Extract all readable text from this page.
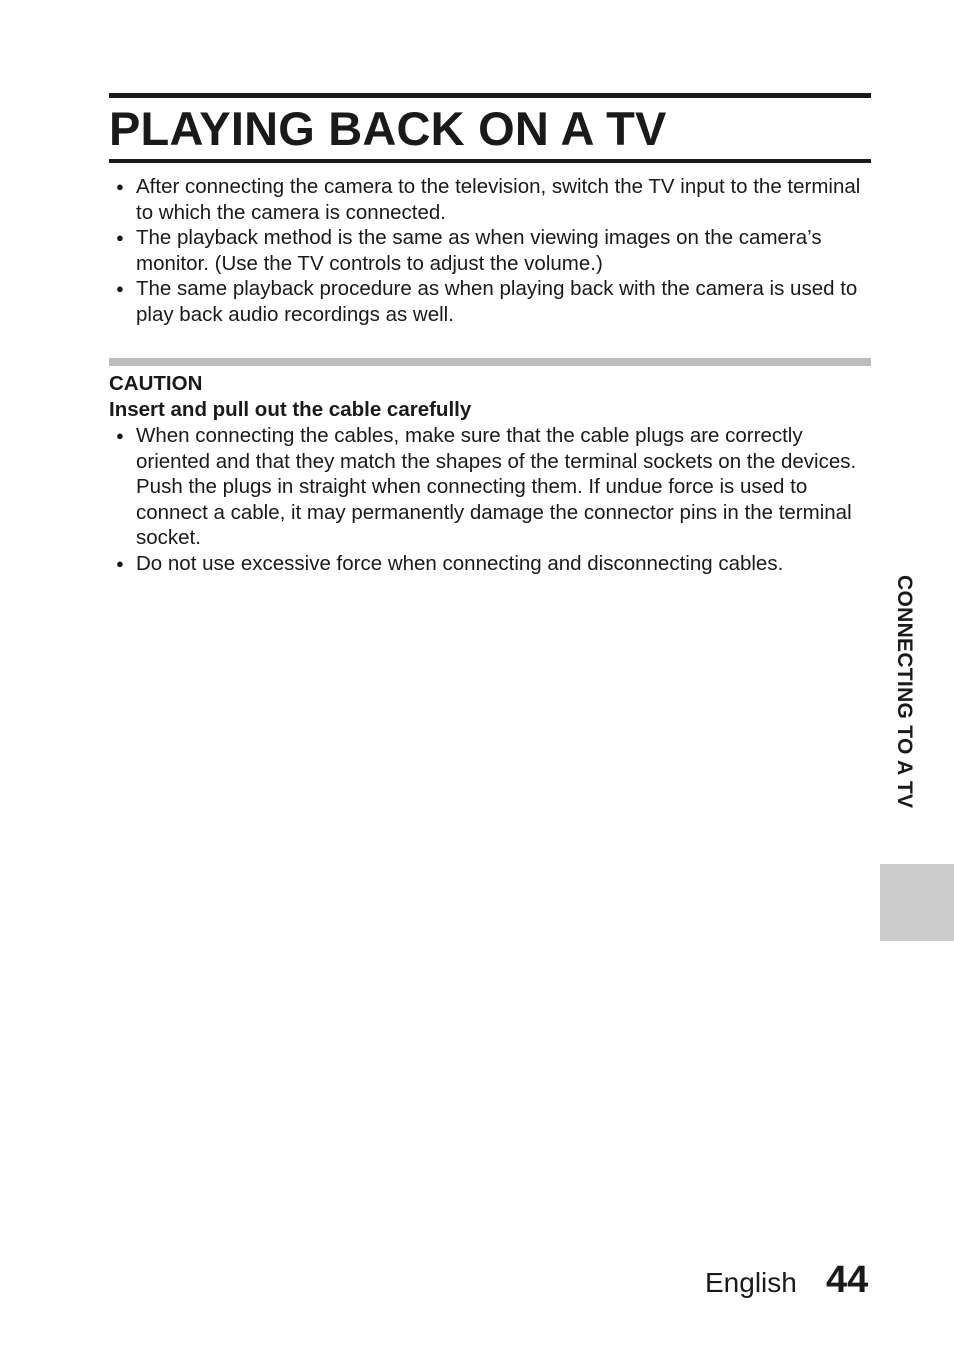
PLAYING BACK ON A TV
● After connecting the camera to the television, switch the TV input to the terminal to which the camera is connected.
● The playback method is the same as when viewing images on the camera’s monitor. (Use the TV controls to adjust the volume.)
● The same playback procedure as when playing back with the camera is used to play back audio recordings as well.
CAUTION
Insert and pull out the cable carefully
● When connecting the cables, make sure that the cable plugs are correctly oriented and that they match the shapes of the terminal sockets on the devices. Push the plugs in straight when connecting them. If undue force is used to connect a cable, it may permanently damage the connector pins in the terminal socket.
● Do not use excessive force when connecting and disconnecting cables.
CONNECTING TO A TV
English 44
